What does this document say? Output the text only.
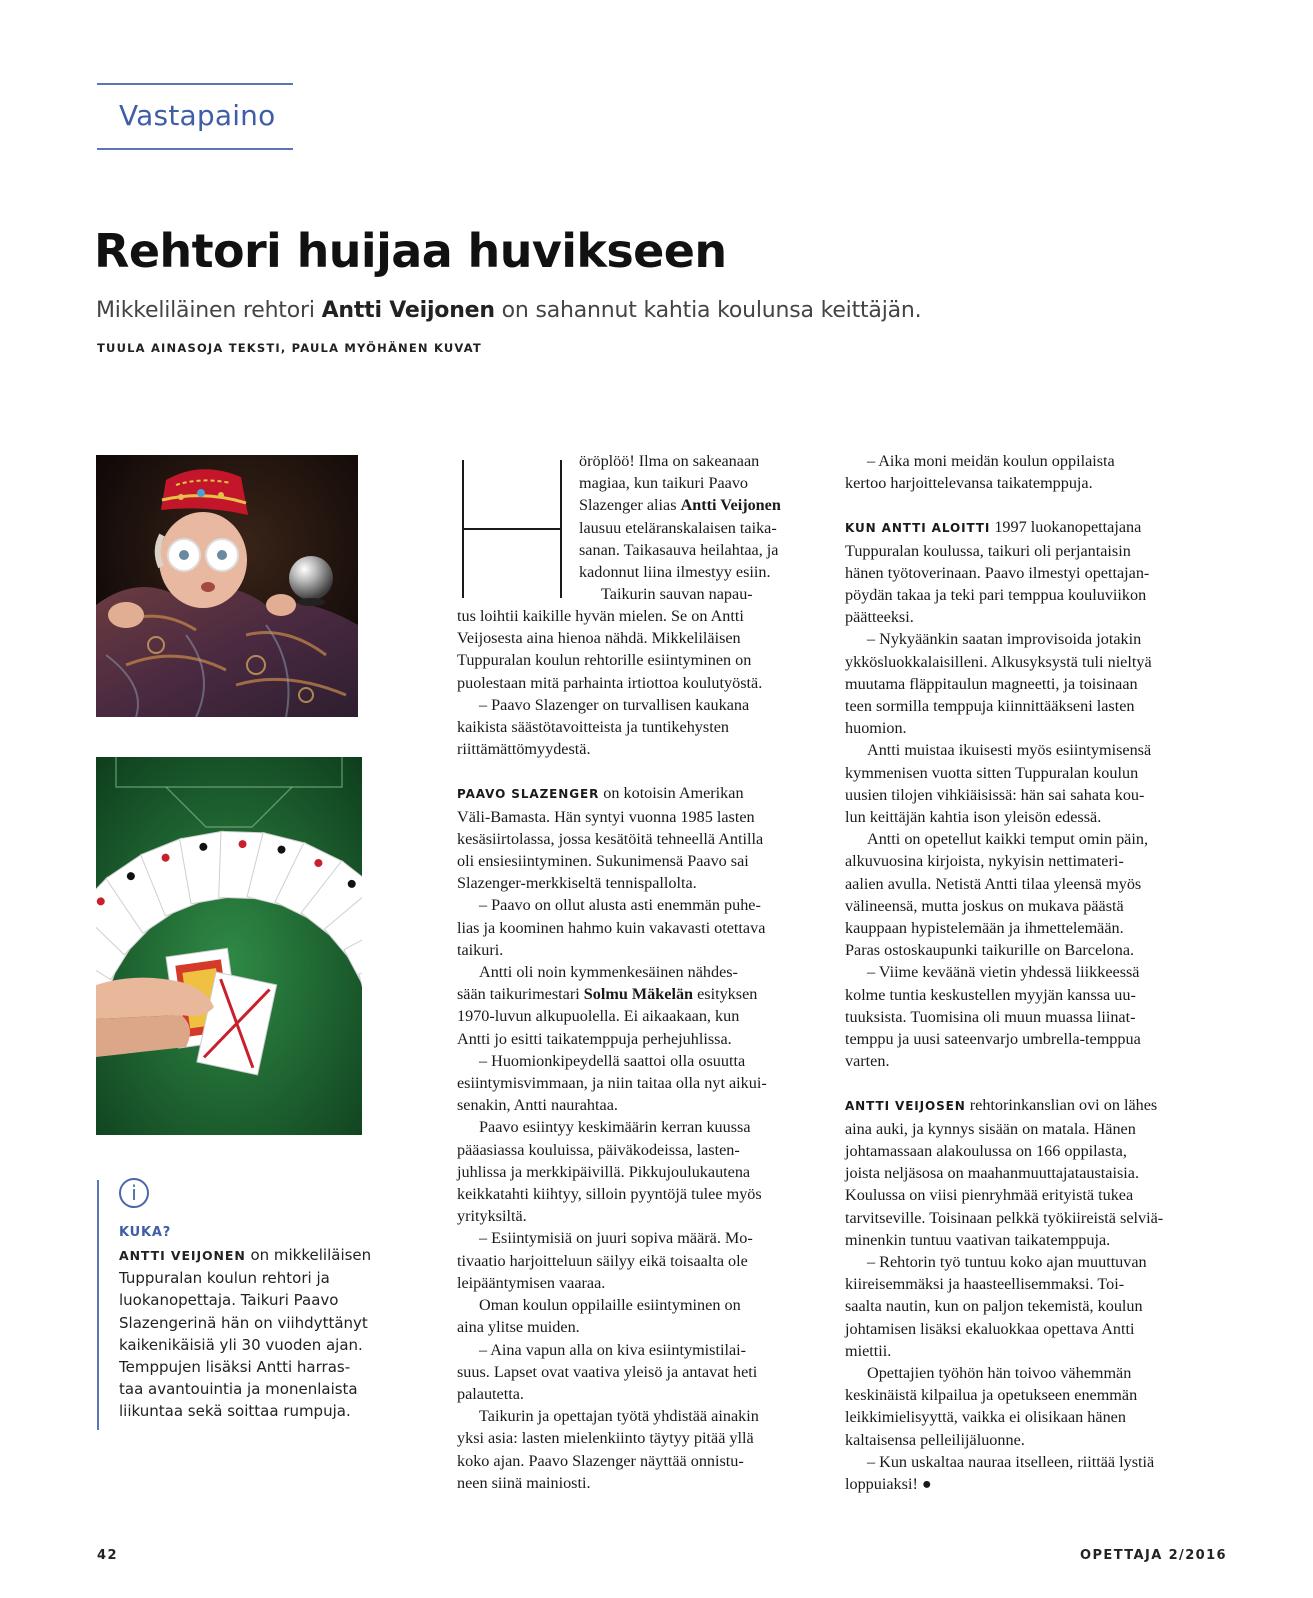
Vastapaino
Rehtori huijaa huvikseen
Mikkeliläinen rehtori Antti Veijonen on sahannut kahtia koulunsa keittäjän.
TUULA AINASOJA TEKSTI, PAULA MYÖHÄNEN KUVAT
i
KUKA?
ANTTI VEIJONEN on mikkeliläisen
Tuppuralan koulun rehtori ja
luokanopettaja. Taikuri Paavo
Slazengerinä hän on viihdyttänyt
kaikenikäisiä yli 30 vuoden ajan.
Temppujen lisäksi Antti harras-
taa avantouintia ja monenlaista
liikuntaa sekä soittaa rumpuja.
öröplöö! Ilma on sakeanaan
magiaa, kun taikuri Paavo
Slazenger alias Antti Veijonen
lausuu eteläranskalaisen taika-
sanan. Taikasauva heilahtaa, ja
kadonnut liina ilmestyy esiin.
Taikurin sauvan napau-
tus loihtii kaikille hyvän mielen. Se on Antti
Veijosesta aina hienoa nähdä. Mikkeliläisen
Tuppuralan koulun rehtorille esiintyminen on
puolestaan mitä parhainta irtiottoa koulutyöstä.
– Paavo Slazenger on turvallisen kaukana
kaikista säästötavoitteista ja tuntikehysten
riittämättömyydestä.
PAAVO SLAZENGER on kotoisin Amerikan
Väli-Bamasta. Hän syntyi vuonna 1985 lasten
kesäsiirtolassa, jossa kesätöitä tehneellä Antilla
oli ensiesiintyminen. Sukunimensä Paavo sai
Slazenger-merkkiseltä tennispallolta.
– Paavo on ollut alusta asti enemmän puhe-
lias ja koominen hahmo kuin vakavasti otettava
taikuri.
Antti oli noin kymmenkesäinen nähdes-
sään taikurimestari Solmu Mäkelän esityksen
1970-luvun alkupuolella. Ei aikaakaan, kun
Antti jo esitti taikatemppuja perhejuhlissa.
– Huomionkipeydellä saattoi olla osuutta
esiintymisvimmaan, ja niin taitaa olla nyt aikui-
senakin, Antti naurahtaa.
Paavo esiintyy keskimäärin kerran kuussa
pääasiassa kouluissa, päiväkodeissa, lasten-
juhlissa ja merkkipäivillä. Pikkujoulukautena
keikkatahti kiihtyy, silloin pyyntöjä tulee myös
yrityksiltä.
– Esiintymisiä on juuri sopiva määrä. Mo-
tivaatio harjoitteluun säilyy eikä toisaalta ole
leipääntymisen vaaraa.
Oman koulun oppilaille esiintyminen on
aina ylitse muiden.
– Aina vapun alla on kiva esiintymistilai-
suus. Lapset ovat vaativa yleisö ja antavat heti
palautetta.
Taikurin ja opettajan työtä yhdistää ainakin
yksi asia: lasten mielenkiinto täytyy pitää yllä
koko ajan. Paavo Slazenger näyttää onnistu-
neen siinä mainiosti.
– Aika moni meidän koulun oppilaista
kertoo harjoittelevansa taikatemppuja.
KUN ANTTI ALOITTI 1997 luokanopettajana
Tuppuralan koulussa, taikuri oli perjantaisin
hänen työtoverinaan. Paavo ilmestyi opettajan-
pöydän takaa ja teki pari temppua kouluviikon
päätteeksi.
– Nykyäänkin saatan improvisoida jotakin
ykkösluokkalaisilleni. Alkusyksystä tuli nieltyä
muutama fläppitaulun magneetti, ja toisinaan
teen sormilla temppuja kiinnittääkseni lasten
huomion.
Antti muistaa ikuisesti myös esiintymisensä
kymmenisen vuotta sitten Tuppuralan koulun
uusien tilojen vihkiäisissä: hän sai sahata kou-
lun keittäjän kahtia ison yleisön edessä.
Antti on opetellut kaikki temput omin päin,
alkuvuosina kirjoista, nykyisin nettimateri-
aalien avulla. Netistä Antti tilaa yleensä myös
välineensä, mutta joskus on mukava päästä
kauppaan hypistelemään ja ihmettelemään.
Paras ostoskaupunki taikurille on Barcelona.
– Viime keväänä vietin yhdessä liikkeessä
kolme tuntia keskustellen myyjän kanssa uu-
tuuksista. Tuomisina oli muun muassa liinat-
temppu ja uusi sateenvarjo umbrella-temppua
varten.
ANTTI VEIJOSEN rehtorinkanslian ovi on lähes
aina auki, ja kynnys sisään on matala. Hänen
johtamassaan alakoulussa on 166 oppilasta,
joista neljäsosa on maahanmuuttajataustaisia.
Koulussa on viisi pienryhmää erityistä tukea
tarvitseville. Toisinaan pelkkä työkiireistä selviä-
minenkin tuntuu vaativan taikatemppuja.
– Rehtorin työ tuntuu koko ajan muuttuvan
kiireisemmäksi ja haasteellisemmaksi. Toi-
saalta nautin, kun on paljon tekemistä, koulun
johtamisen lisäksi ekaluokkaa opettava Antti
miettii.
Opettajien työhön hän toivoo vähemmän
keskinäistä kilpailua ja opetukseen enemmän
leikkimielisyyttä, vaikka ei olisikaan hänen
kaltaisensa pelleilijäluonne.
– Kun uskaltaa nauraa itselleen, riittää lystiä
loppuiaksi! ●
42	OPETTAJA 2/2016
